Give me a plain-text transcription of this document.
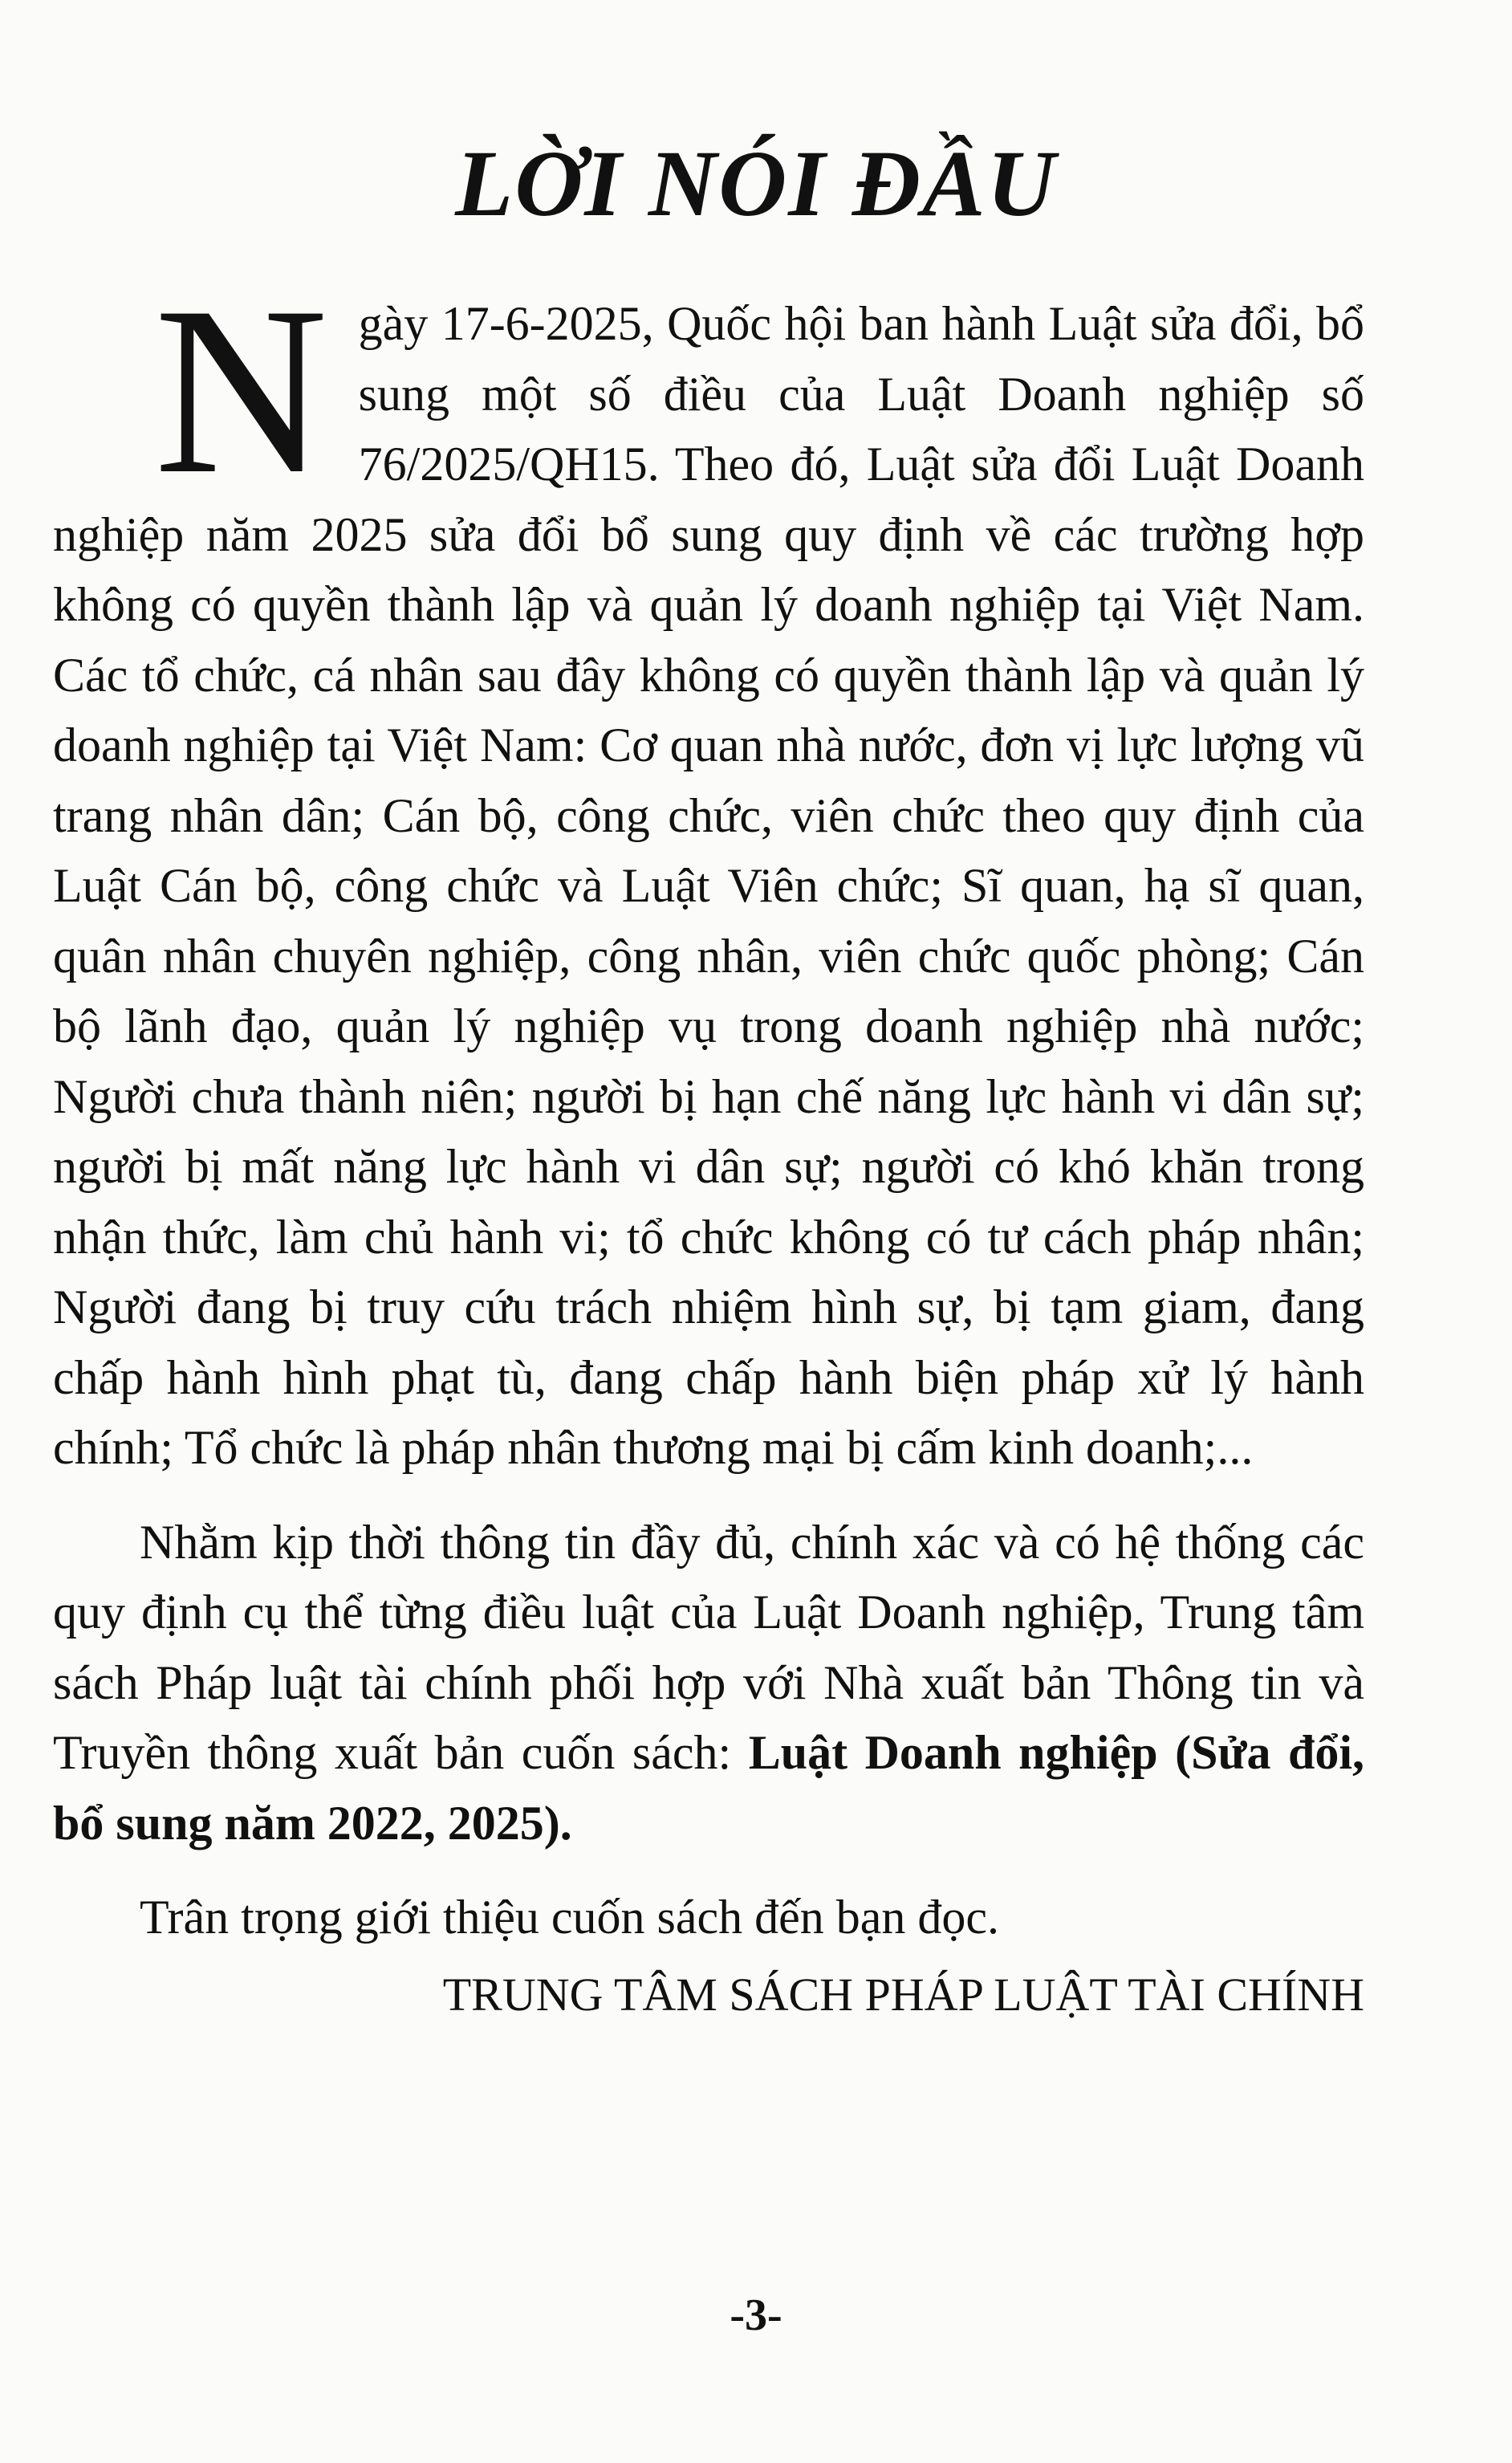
LỜI NÓI ĐẦU

Ngày 17-6-2025, Quốc hội ban hành Luật sửa đổi, bổ sung một số điều của Luật Doanh nghiệp số 76/2025/QH15. Theo đó, Luật sửa đổi Luật Doanh nghiệp năm 2025 sửa đổi bổ sung quy định về các trường hợp không có quyền thành lập và quản lý doanh nghiệp tại Việt Nam. Các tổ chức, cá nhân sau đây không có quyền thành lập và quản lý doanh nghiệp tại Việt Nam: Cơ quan nhà nước, đơn vị lực lượng vũ trang nhân dân; Cán bộ, công chức, viên chức theo quy định của Luật Cán bộ, công chức và Luật Viên chức; Sĩ quan, hạ sĩ quan, quân nhân chuyên nghiệp, công nhân, viên chức quốc phòng; Cán bộ lãnh đạo, quản lý nghiệp vụ trong doanh nghiệp nhà nước; Người chưa thành niên; người bị hạn chế năng lực hành vi dân sự; người bị mất năng lực hành vi dân sự; người có khó khăn trong nhận thức, làm chủ hành vi; tổ chức không có tư cách pháp nhân; Người đang bị truy cứu trách nhiệm hình sự, bị tạm giam, đang chấp hành hình phạt tù, đang chấp hành biện pháp xử lý hành chính; Tổ chức là pháp nhân thương mại bị cấm kinh doanh;...

Nhằm kịp thời thông tin đầy đủ, chính xác và có hệ thống các quy định cụ thể từng điều luật của Luật Doanh nghiệp, Trung tâm sách Pháp luật tài chính phối hợp với Nhà xuất bản Thông tin và Truyền thông xuất bản cuốn sách: Luật Doanh nghiệp (Sửa đổi, bổ sung năm 2022, 2025).

Trân trọng giới thiệu cuốn sách đến bạn đọc.

TRUNG TÂM SÁCH PHÁP LUẬT TÀI CHÍNH

-3-
